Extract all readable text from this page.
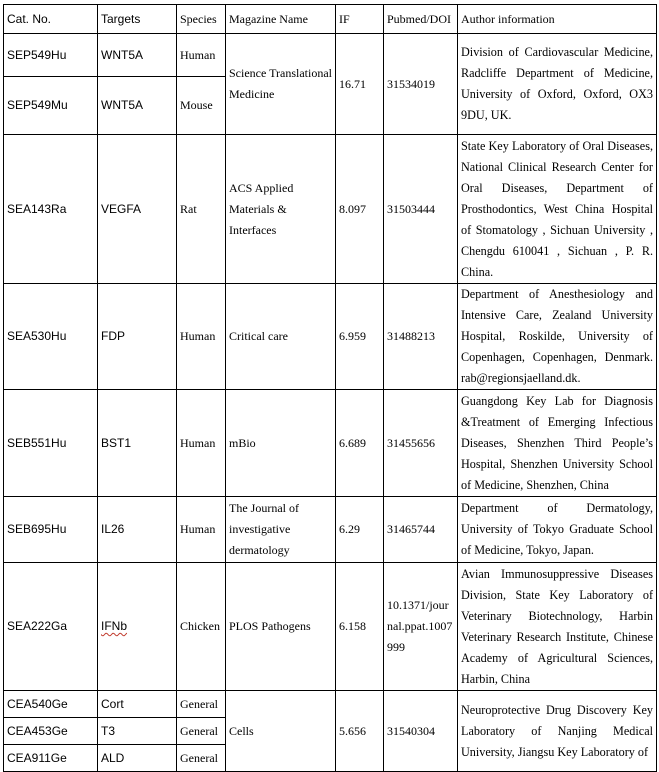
Cat. No.	Targets	Species	Magazine Name	IF	Pubmed/DOI	Author information
SEP549Hu	WNT5A	Human	Science Translational Medicine	16.71	31534019	Division of Cardiovascular Medicine, Radcliffe Department of Medicine, University of Oxford, Oxford, OX3 9DU, UK.
SEP549Mu	WNT5A	Mouse				
SEA143Ra	VEGFA	Rat	ACS Applied Materials & Interfaces	8.097	31503444	State Key Laboratory of Oral Diseases, National Clinical Research Center for Oral Diseases, Department of Prosthodontics, West China Hospital of Stomatology , Sichuan University , Chengdu 610041 , Sichuan , P. R. China.
SEA530Hu	FDP	Human	Critical care	6.959	31488213	Department of Anesthesiology and Intensive Care, Zealand University Hospital, Roskilde, University of Copenhagen, Copenhagen, Denmark. rab@regionsjaelland.dk.
SEB551Hu	BST1	Human	mBio	6.689	31455656	Guangdong Key Lab for Diagnosis &Treatment of Emerging Infectious Diseases, Shenzhen Third People’s Hospital, Shenzhen University School of Medicine, Shenzhen, China
SEB695Hu	IL26	Human	The Journal of investigative dermatology	6.29	31465744	Department of Dermatology, University of Tokyo Graduate School of Medicine, Tokyo, Japan.
SEA222Ga	IFNb	Chicken	PLOS Pathogens	6.158	10.1371/journal.ppat.1007999	Avian Immunosuppressive Diseases Division, State Key Laboratory of Veterinary Biotechnology, Harbin Veterinary Research Institute, Chinese Academy of Agricultural Sciences, Harbin, China
CEA540Ge	Cort	General	Cells	5.656	31540304	Neuroprotective Drug Discovery Key Laboratory of Nanjing Medical University, Jiangsu Key Laboratory of
CEA453Ge	T3	General				
CEA911Ge	ALD	General				
